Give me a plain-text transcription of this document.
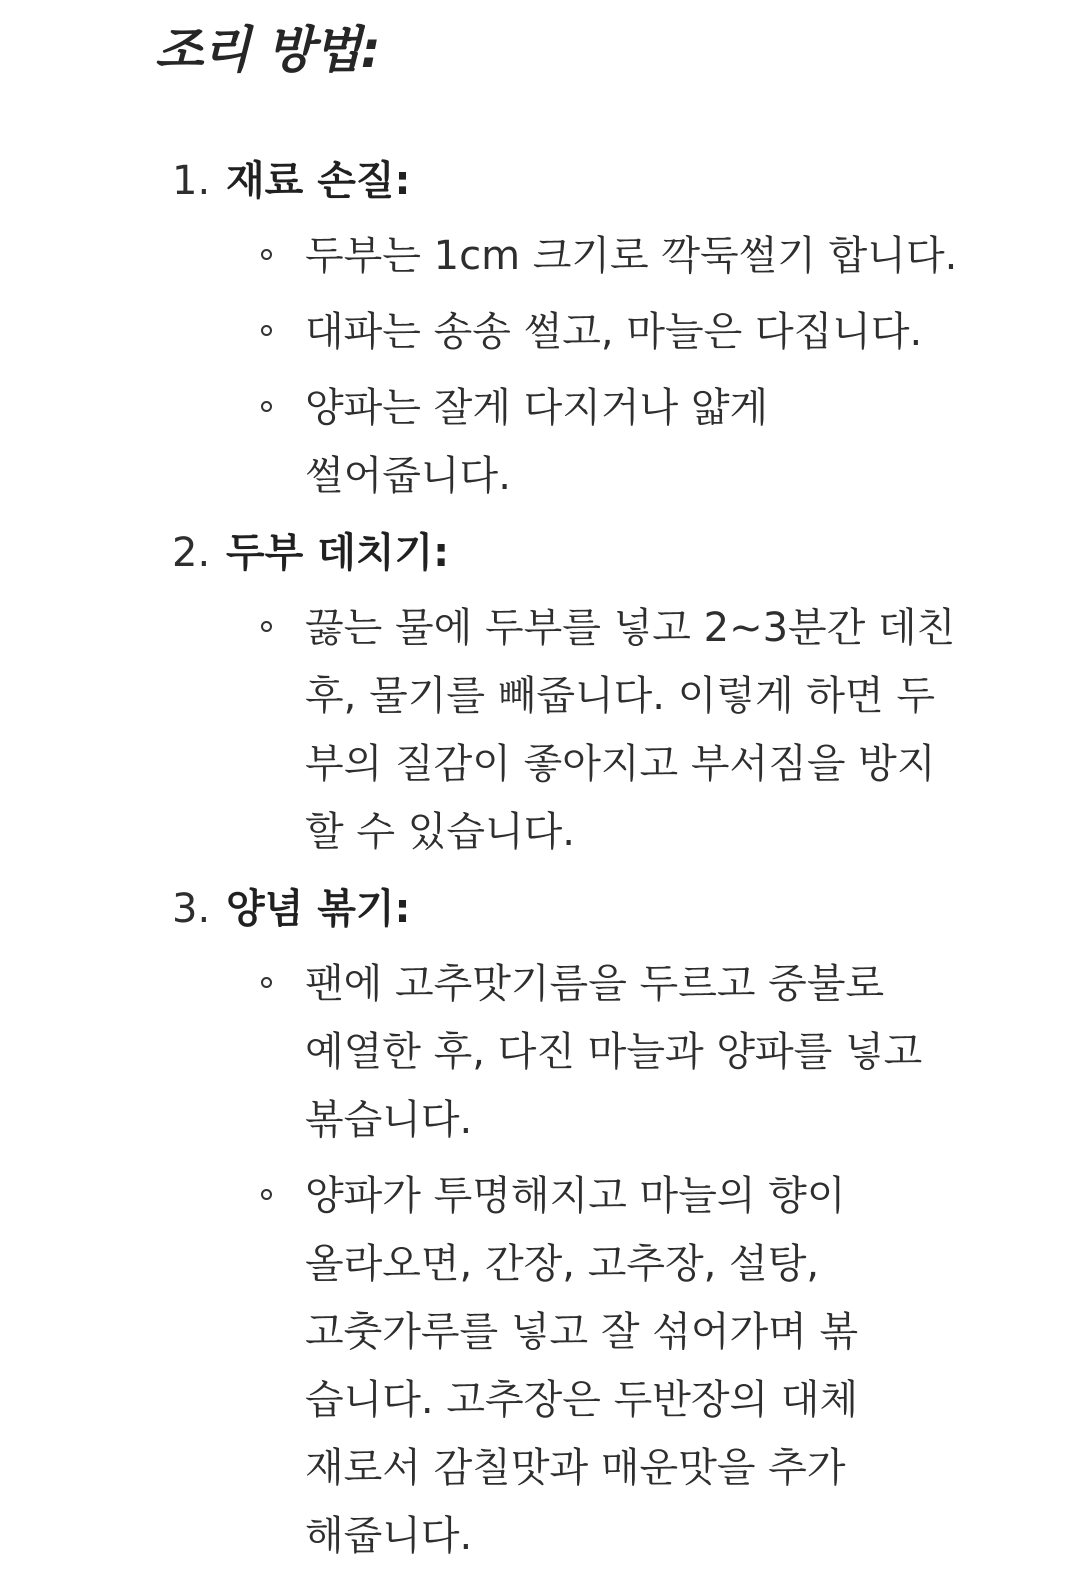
조리 방법:
1. 재료 손질:
두부는 1cm 크기로 깍둑썰기 합니다.
대파는 송송 썰고, 마늘은 다집니다.
양파는 잘게 다지거나 얇게 썰어줍니다.
2. 두부 데치기:
끓는 물에 두부를 넣고 2~3분간 데친 후, 물기를 빼줍니다. 이렇게 하면 두부의 질감이 좋아지고 부서짐을 방지할 수 있습니다.
3. 양념 볶기:
팬에 고추맛기름을 두르고 중불로 예열한 후, 다진 마늘과 양파를 넣고 볶습니다.
양파가 투명해지고 마늘의 향이 올라오면, 간장, 고추장, 설탕, 고춧가루를 넣고 잘 섞어가며 볶습니다. 고추장은 두반장의 대체재로서 감칠맛과 매운맛을 추가해줍니다.
